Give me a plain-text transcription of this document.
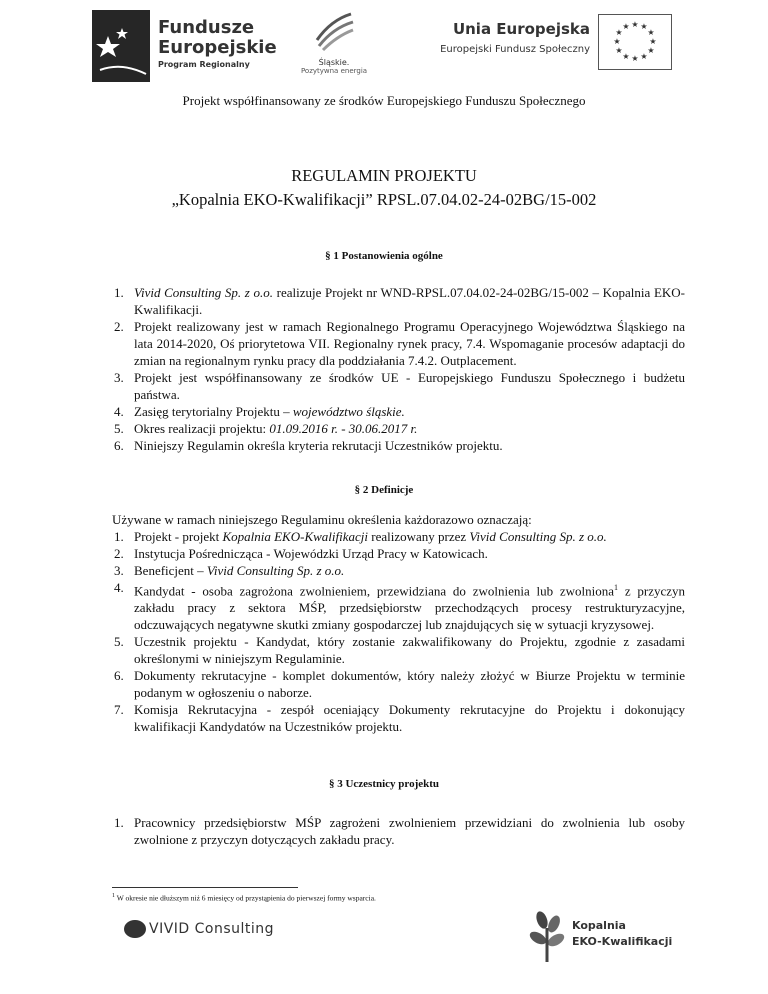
Fundusze
Europejskie
Program Regionalny	Śląskie.
Pozytywna energia
Unia Europejska
Europejski Fundusz Społeczny
★ ★
★
★
★
★
★
★
★
★
★
★
Projekt współfinansowany ze środków Europejskiego Funduszu Społecznego
REGULAMIN PROJEKTU
„Kopalnia EKO-Kwalifikacji” RPSL.07.04.02-24-02BG/15-002
§ 1 Postanowienia ogólne
1. Vivid Consulting Sp. z o.o. realizuje Projekt nr WND-RPSL.07.04.02-24-02BG/15-002 – Kopalnia EKO-Kwalifikacji.
2. Projekt realizowany jest w ramach Regionalnego Programu Operacyjnego Województwa Śląskiego na lata 2014-2020, Oś priorytetowa VII. Regionalny rynek pracy, 7.4. Wspomaganie procesów adaptacji do zmian na regionalnym rynku pracy dla poddziałania 7.4.2. Outplacement.
3. Projekt jest współfinansowany ze środków UE - Europejskiego Funduszu Społecznego i budżetu państwa.
4. Zasięg terytorialny Projektu – województwo śląskie.
5. Okres realizacji projektu: 01.09.2016 r. - 30.06.2017 r.
6. Niniejszy Regulamin określa kryteria rekrutacji Uczestników projektu.
§ 2 Definicje
Używane w ramach niniejszego Regulaminu określenia każdorazowo oznaczają:
1. Projekt - projekt Kopalnia EKO-Kwalifikacji realizowany przez Vivid Consulting Sp. z o.o.
2. Instytucja Pośrednicząca - Wojewódzki Urząd Pracy w Katowicach.
3. Beneficjent – Vivid Consulting Sp. z o.o.
4. Kandydat - osoba zagrożona zwolnieniem, przewidziana do zwolnienia lub zwolniona$^1$ z przyczyn zakładu pracy z sektora MŚP, przedsiębiorstw przechodzących procesy restrukturyzacyjne, odczuwających negatywne skutki zmiany gospodarczej lub znajdujących się w sytuacji kryzysowej.
5. Uczestnik projektu - Kandydat, który zostanie zakwalifikowany do Projektu, zgodnie z zasadami określonymi w niniejszym Regulaminie.
6. Dokumenty rekrutacyjne - komplet dokumentów, który należy złożyć w Biurze Projektu w terminie podanym w ogłoszeniu o naborze.
7. Komisja Rekrutacyjna - zespół oceniający Dokumenty rekrutacyjne do Projektu i dokonujący kwalifikacji Kandydatów na Uczestników projektu.
§ 3 Uczestnicy projektu
1. Pracownicy przedsiębiorstw MŚP zagrożeni zwolnieniem przewidziani do zwolnienia lub osoby zwolnione z przyczyn dotyczących zakładu pracy.
$^1$ W okresie nie dłuższym niż 6 miesięcy od przystąpienia do pierwszej formy wsparcia.
VIVID Consulting	Kopalnia
EKO-Kwalifikacji
